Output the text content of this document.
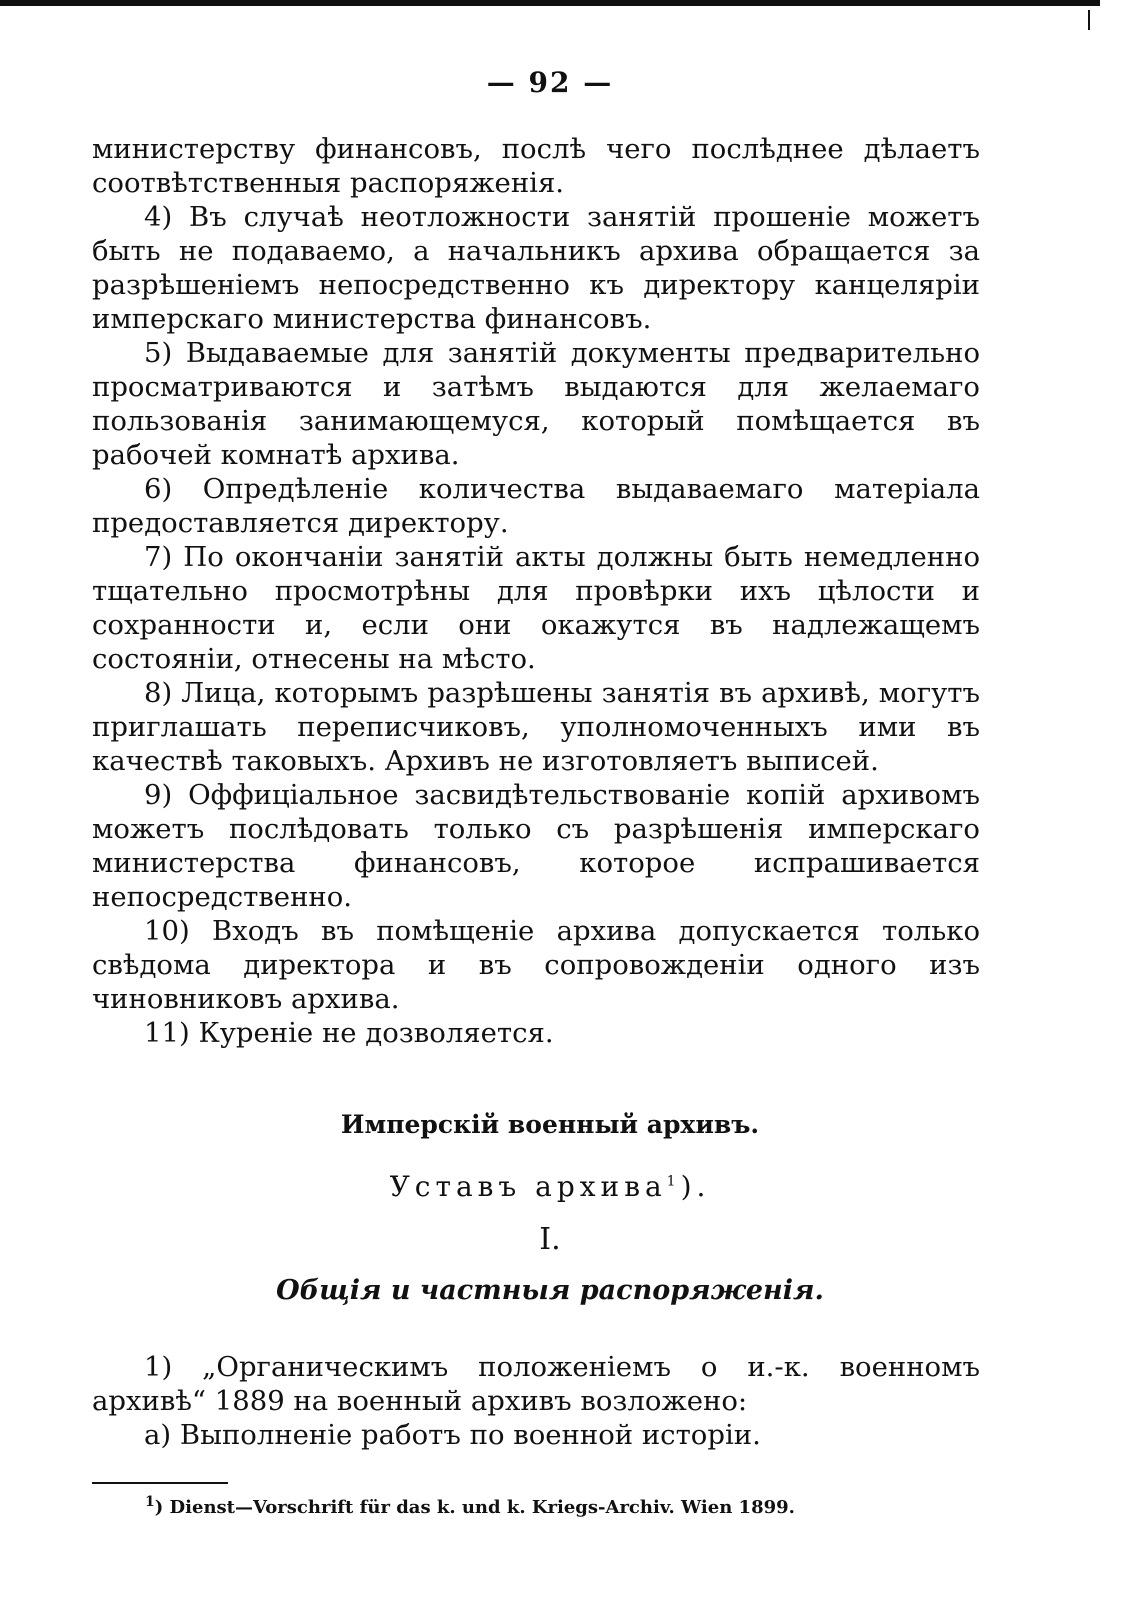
— 92 —

министерству финансовъ, послѣ чего послѣднее дѣлаетъ соотвѣтственныя распоряженія.

4) Въ случаѣ неотложности занятій прошеніе можетъ быть не подаваемо, а начальникъ архива обращается за разрѣшеніемъ непосредственно къ директору канцеляріи имперскаго министерства финансовъ.

5) Выдаваемые для занятій документы предварительно просматриваются и затѣмъ выдаются для желаемаго пользованія занимающемуся, который помѣщается въ рабочей комнатѣ архива.

6) Опредѣленіе количества выдаваемаго матеріала предоставляется директору.

7) По окончаніи занятій акты должны быть немедленно тщательно просмотрѣны для провѣрки ихъ цѣлости и сохранности и, если они окажутся въ надлежащемъ состояніи, отнесены на мѣсто.

8) Лица, которымъ разрѣшены занятія въ архивѣ, могутъ приглашать переписчиковъ, уполномоченныхъ ими въ качествѣ таковыхъ. Архивъ не изготовляетъ выписей.

9) Оффиціальное засвидѣтельствованіе копій архивомъ можетъ послѣдовать только съ разрѣшенія имперскаго министерства финансовъ, которое испрашивается непосредственно.

10) Входъ въ помѣщеніе архива допускается только свѣдома директора и въ сопровожденіи одного изъ чиновниковъ архива.

11) Куреніе не дозволяется.

Имперскій военный архивъ.
Уставъ архива$^1$).
I.
Общія и частныя распоряженія.

1) „Органическимъ положеніемъ о и.-к. военномъ архивѣ“ 1889 на военный архивъ возложено:

a) Выполненіе работъ по военной исторіи.

$^1$) Dienst—Vorschrift für das k. und k. Kriegs-Archiv. Wien 1899.
